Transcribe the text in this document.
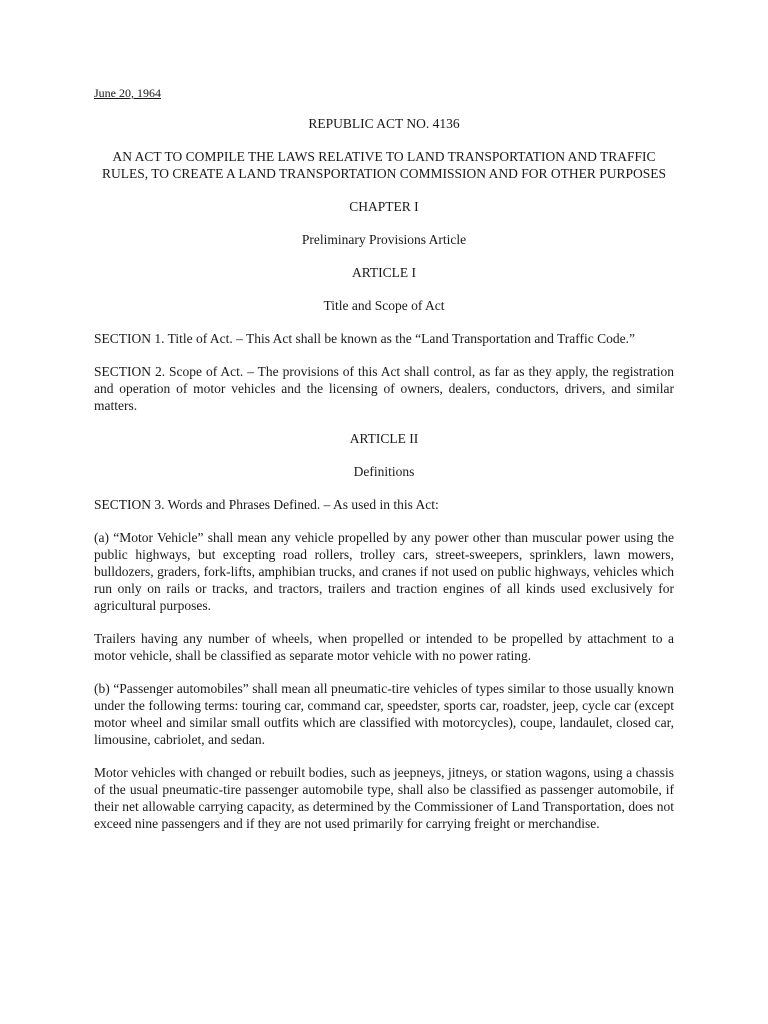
June 20, 1964
REPUBLIC ACT NO. 4136
AN ACT TO COMPILE THE LAWS RELATIVE TO LAND TRANSPORTATION AND TRAFFIC RULES, TO CREATE A LAND TRANSPORTATION COMMISSION AND FOR OTHER PURPOSES
CHAPTER I
Preliminary Provisions Article
ARTICLE I
Title and Scope of Act

SECTION 1. Title of Act. – This Act shall be known as the “Land Transportation and Traffic Code.”

SECTION 2. Scope of Act. – The provisions of this Act shall control, as far as they apply, the registration and operation of motor vehicles and the licensing of owners, dealers, conductors, drivers, and similar matters.

ARTICLE II
Definitions

SECTION 3. Words and Phrases Defined. – As used in this Act:

(a) “Motor Vehicle” shall mean any vehicle propelled by any power other than muscular power using the public highways, but excepting road rollers, trolley cars, street-sweepers, sprinklers, lawn mowers, bulldozers, graders, fork-lifts, amphibian trucks, and cranes if not used on public highways, vehicles which run only on rails or tracks, and tractors, trailers and traction engines of all kinds used exclusively for agricultural purposes.

Trailers having any number of wheels, when propelled or intended to be propelled by attachment to a motor vehicle, shall be classified as separate motor vehicle with no power rating.

(b) “Passenger automobiles” shall mean all pneumatic-tire vehicles of types similar to those usually known under the following terms: touring car, command car, speedster, sports car, roadster, jeep, cycle car (except motor wheel and similar small outfits which are classified with motorcycles), coupe, landaulet, closed car, limousine, cabriolet, and sedan.

Motor vehicles with changed or rebuilt bodies, such as jeepneys, jitneys, or station wagons, using a chassis of the usual pneumatic-tire passenger automobile type, shall also be classified as passenger automobile, if their net allowable carrying capacity, as determined by the Commissioner of Land Transportation, does not exceed nine passengers and if they are not used primarily for carrying freight or merchandise.
